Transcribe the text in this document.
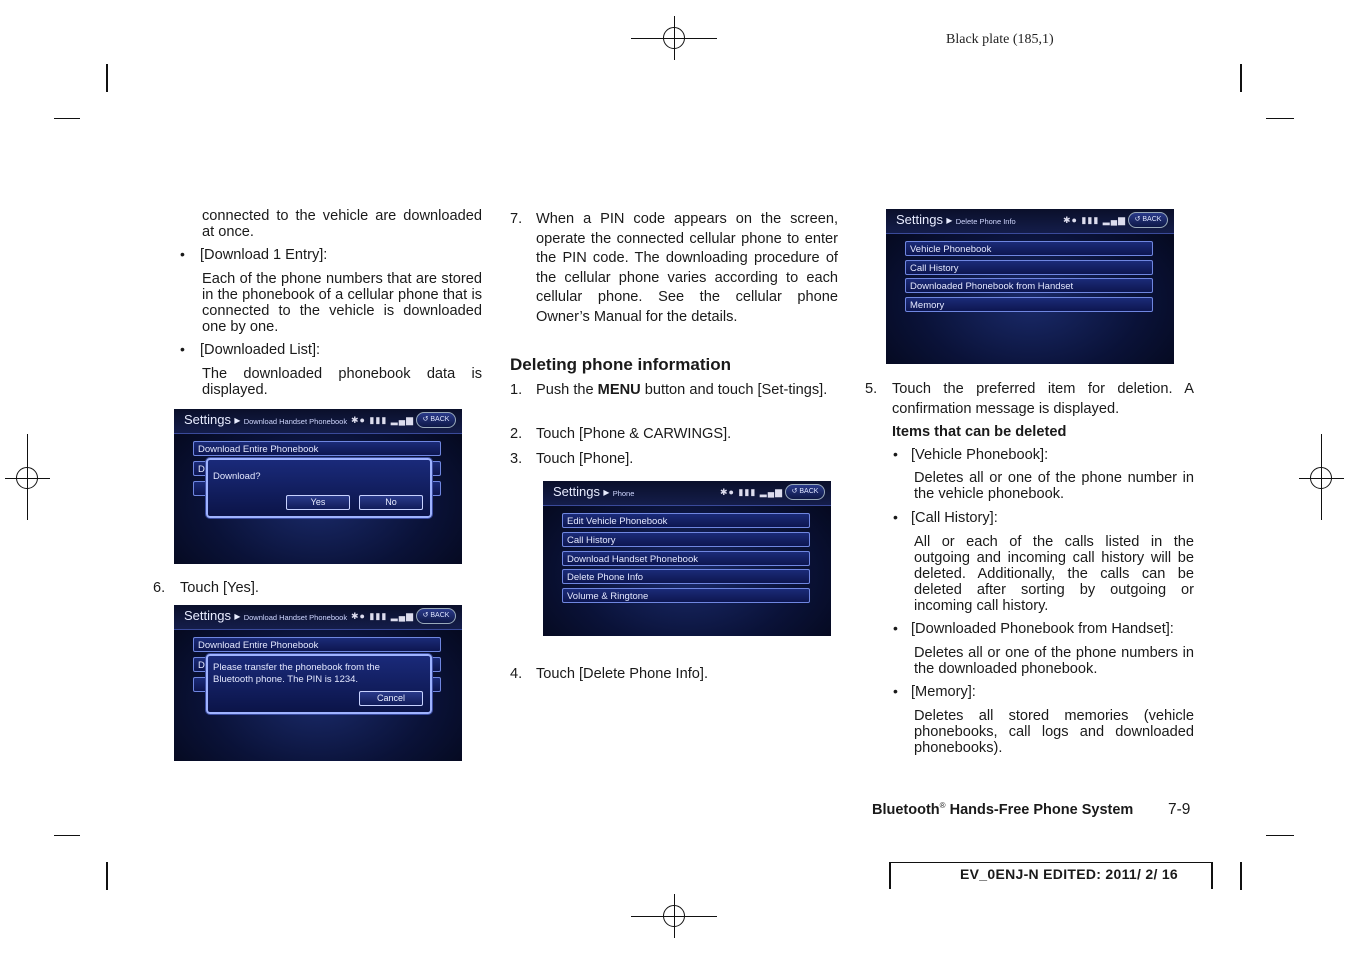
Black plate (185,1)
connected to the vehicle are downloaded at once.
• [Download 1 Entry]:
Each of the phone numbers that are stored in the phonebook of a cellular phone that is connected to the vehicle is downloaded one by one.
• [Downloaded List]:
The downloaded phonebook data is displayed.
Settings ▸ Download Handset Phonebook ✱● ▮▮▮ ▂▄▆	↺ BACK
Download Entire Phonebook
D
Download?
Yes	No
6. Touch [Yes].
Settings ▸ Download Handset Phonebook ✱● ▮▮▮ ▂▄▆	↺ BACK
Download Entire Phonebook
D Please transfer the phonebook from the
Bluetooth phone. The PIN is 1234.
Cancel
7. When a PIN code appears on the screen, operate the connected cellular phone to enter the PIN code. The downloading procedure of the cellular phone varies according to each cellular phone. See the cellular phone Owner’s Manual for the details.
Deleting phone information
1. Push the MENU button and touch [Set-tings].
2. Touch [Phone & CARWINGS].
3. Touch [Phone].
Settings ▸ Phone	✱● ▮▮▮ ▂▄▆	↺ BACK
Edit Vehicle Phonebook
Call History
Download Handset Phonebook
Delete Phone Info
Volume & Ringtone
4. Touch [Delete Phone Info].
Settings ▸ Delete Phone Info	✱● ▮▮▮ ▂▄▆	↺ BACK
Vehicle Phonebook
Call History
Downloaded Phonebook from Handset
Memory
5. Touch the preferred item for deletion. A confirmation message is displayed.
Items that can be deleted
• [Vehicle Phonebook]:
Deletes all or one of the phone number in the vehicle phonebook.
• [Call History]:
All or each of the calls listed in the outgoing and incoming call history will be deleted. Additionally, the calls can be deleted after sorting by outgoing or incoming call history.
• [Downloaded Phonebook from Handset]:
Deletes all or one of the phone numbers in the downloaded phonebook.
• [Memory]:
Deletes all stored memories (vehicle phonebooks, call logs and downloaded phonebooks).
Bluetooth® Hands-Free Phone System 7-9
EV_0ENJ-N EDITED: 2011/ 2/ 16
